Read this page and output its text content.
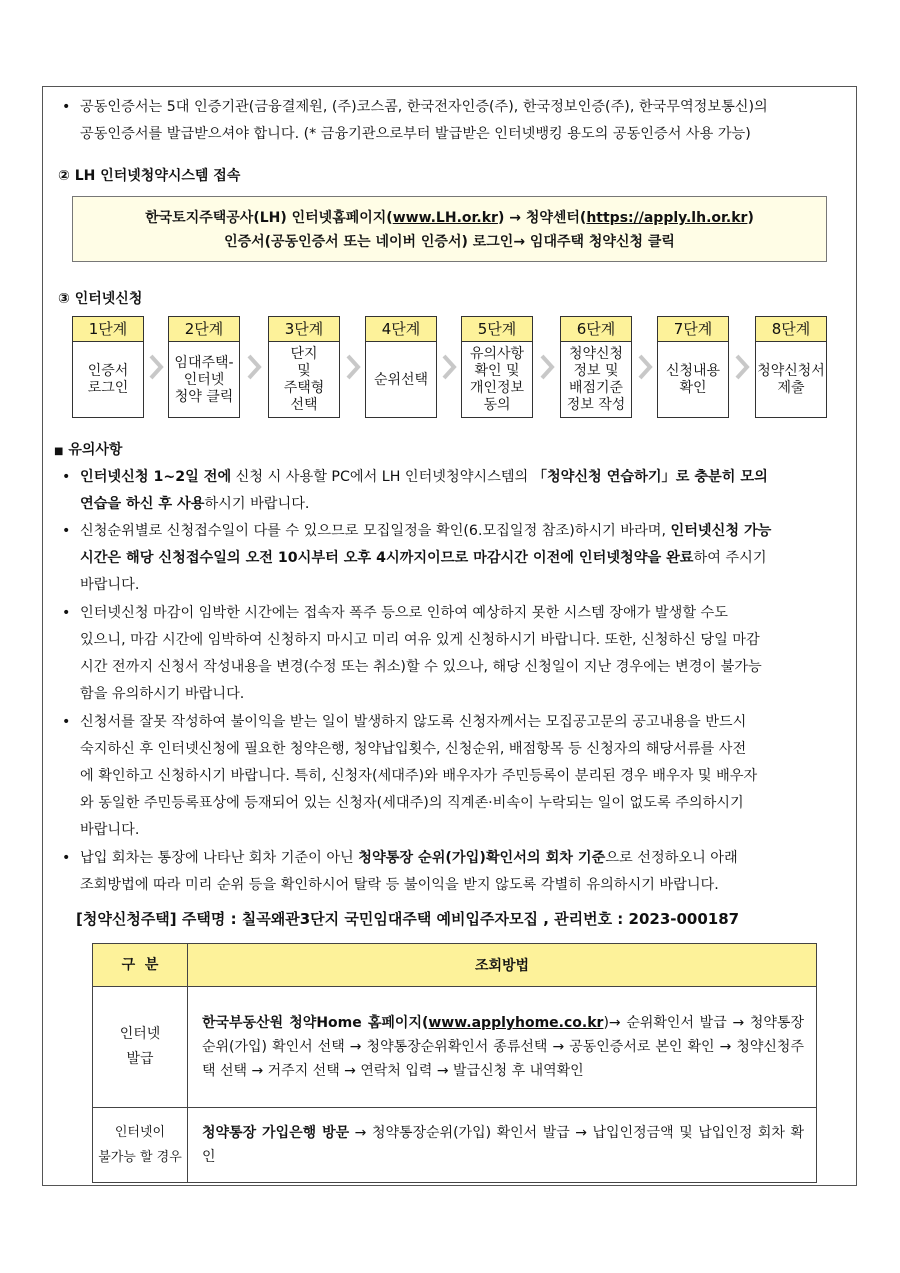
• 공동인증서는 5대 인증기관(금융결제원, (주)코스콤, 한국전자인증(주), 한국정보인증(주), 한국무역정보통신)의
공동인증서를 발급받으셔야 합니다. (* 금융기관으로부터 발급받은 인터넷뱅킹 용도의 공동인증서 사용 가능)
② LH 인터넷청약시스템 접속
한국토지주택공사(LH) 인터넷홈페이지(www.LH.or.kr) → 청약센터(https://apply.lh.or.kr)
인증서(공동인증서 또는 네이버 인증서) 로그인→ 임대주택 청약신청 클릭
③ 인터넷신청
1단계
인증서
로그인
2단계
임대주택-
인터넷
청약 클릭
3단계
단지
및
주택형
선택
4단계
순위선택
5단계
유의사항
확인 및
개인정보
동의
6단계
청약신청
정보 및
배점기준
정보 작성
7단계
신청내용
확인
8단계
청약신청서
제출
■ 유의사항
• 인터넷신청 1~2일 전에 신청 시 사용할 PC에서 LH 인터넷청약시스템의 「청약신청 연습하기」로 충분히 모의
연습을 하신 후 사용하시기 바랍니다.
• 신청순위별로 신청접수일이 다를 수 있으므로 모집일정을 확인(6.모집일정 참조)하시기 바라며, 인터넷신청 가능
시간은 해당 신청접수일의 오전 10시부터 오후 4시까지이므로 마감시간 이전에 인터넷청약을 완료하여 주시기
바랍니다.
• 인터넷신청 마감이 임박한 시간에는 접속자 폭주 등으로 인하여 예상하지 못한 시스템 장애가 발생할 수도
있으니, 마감 시간에 임박하여 신청하지 마시고 미리 여유 있게 신청하시기 바랍니다. 또한, 신청하신 당일 마감
시간 전까지 신청서 작성내용을 변경(수정 또는 취소)할 수 있으나, 해당 신청일이 지난 경우에는 변경이 불가능
함을 유의하시기 바랍니다.
• 신청서를 잘못 작성하여 불이익을 받는 일이 발생하지 않도록 신청자께서는 모집공고문의 공고내용을 반드시
숙지하신 후 인터넷신청에 필요한 청약은행, 청약납입횟수, 신청순위, 배점항목 등 신청자의 해당서류를 사전
에 확인하고 신청하시기 바랍니다. 특히, 신청자(세대주)와 배우자가 주민등록이 분리된 경우 배우자 및 배우자
와 동일한 주민등록표상에 등재되어 있는 신청자(세대주)의 직계존·비속이 누락되는 일이 없도록 주의하시기
바랍니다.
• 납입 회차는 통장에 나타난 회차 기준이 아닌 청약통장 순위(가입)확인서의 회차 기준으로 선정하오니 아래
조회방법에 따라 미리 순위 등을 확인하시어 탈락 등 불이익을 받지 않도록 각별히 유의하시기 바랍니다.
[청약신청주택] 주택명 : 칠곡왜관3단지 국민임대주택 예비입주자모집 , 관리번호 : 2023-000187
구  분	조회방법

인터넷
발급	한국부동산원 청약Home 홈페이지(www.applyhome.co.kr)→ 순위확인서 발급 → 청약통장 순위(가입) 확인서 선택 → 청약통장순위확인서 종류선택 → 공동인증서로 본인 확인 → 청약신청주택 선택 → 거주지 선택 → 연락처 입력 → 발급신청 후 내역확인

인터넷이
불가능 할 경우	청약통장 가입은행 방문 → 청약통장순위(가입) 확인서 발급 → 납입인정금액 및 납입인정 회차 확인
